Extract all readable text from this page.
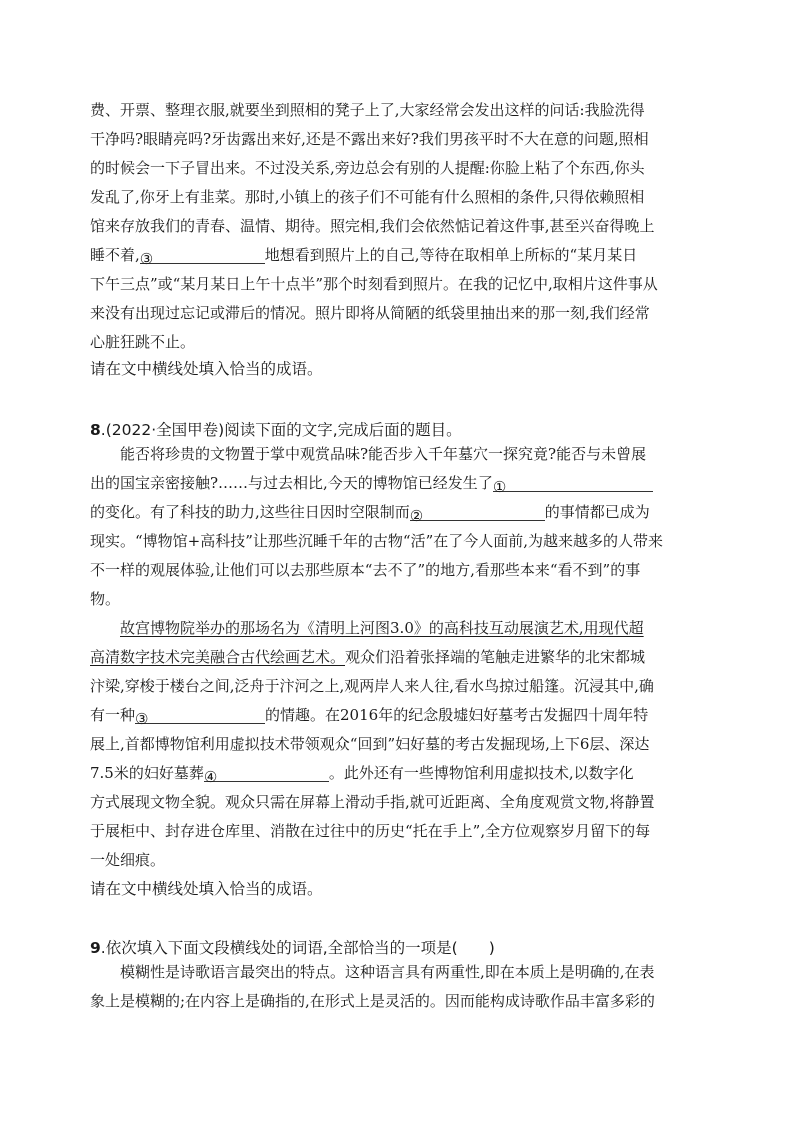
费、开票、整理衣服,就要坐到照相的凳子上了,大家经常会发出这样的问话:我脸洗得
干净吗?眼睛亮吗?牙齿露出来好,还是不露出来好?我们男孩平时不大在意的问题,照相
的时候会一下子冒出来。不过没关系,旁边总会有别的人提醒:你脸上粘了个东西,你头
发乱了,你牙上有韭菜。那时,小镇上的孩子们不可能有什么照相的条件,只得依赖照相
馆来存放我们的青春、温情、期待。照完相,我们会依然惦记着这件事,甚至兴奋得晚上
睡不着,③	地想看到照片上的自己,等待在取相单上所标的“某月某日
下午三点”或“某月某日上午十点半”那个时刻看到照片。在我的记忆中,取相片这件事从
来没有出现过忘记或滞后的情况。照片即将从简陋的纸袋里抽出来的那一刻,我们经常
心脏狂跳不止。
请在文中横线处填入恰当的成语。
8.(2022·全国甲卷)阅读下面的文字,完成后面的题目。
能否将珍贵的文物置于掌中观赏品味?能否步入千年墓穴一探究竟?能否与未曾展
出的国宝亲密接触?……与过去相比,今天的博物馆已经发生了①
的变化。有了科技的助力,这些往日因时空限制而②	的事情都已成为
现实。“博物馆+高科技”让那些沉睡千年的古物“活”在了今人面前,为越来越多的人带来
不一样的观展体验,让他们可以去那些原本“去不了”的地方,看那些本来“看不到”的事
物。
故宫博物院举办的那场名为《清明上河图3.0》的高科技互动展演艺术,用现代超
高清数字技术完美融合古代绘画艺术。观众们沿着张择端的笔触走进繁华的北宋都城
汴梁,穿梭于楼台之间,泛舟于汴河之上,观两岸人来人往,看水鸟掠过船篷。沉浸其中,确
有一种③	的情趣。在2016年的纪念殷墟妇好墓考古发掘四十周年特
展上,首都博物馆利用虚拟技术带领观众“回到”妇好墓的考古发掘现场,上下6层、深达
7.5米的妇好墓葬④	。此外还有一些博物馆利用虚拟技术,以数字化
方式展现文物全貌。观众只需在屏幕上滑动手指,就可近距离、全角度观赏文物,将静置
于展柜中、封存进仓库里、消散在过往中的历史“托在手上”,全方位观察岁月留下的每
一处细痕。
请在文中横线处填入恰当的成语。
9.依次填入下面文段横线处的词语,全部恰当的一项是(　　)
模糊性是诗歌语言最突出的特点。这种语言具有两重性,即在本质上是明确的,在表
象上是模糊的;在内容上是确指的,在形式上是灵活的。因而能构成诗歌作品丰富多彩的
